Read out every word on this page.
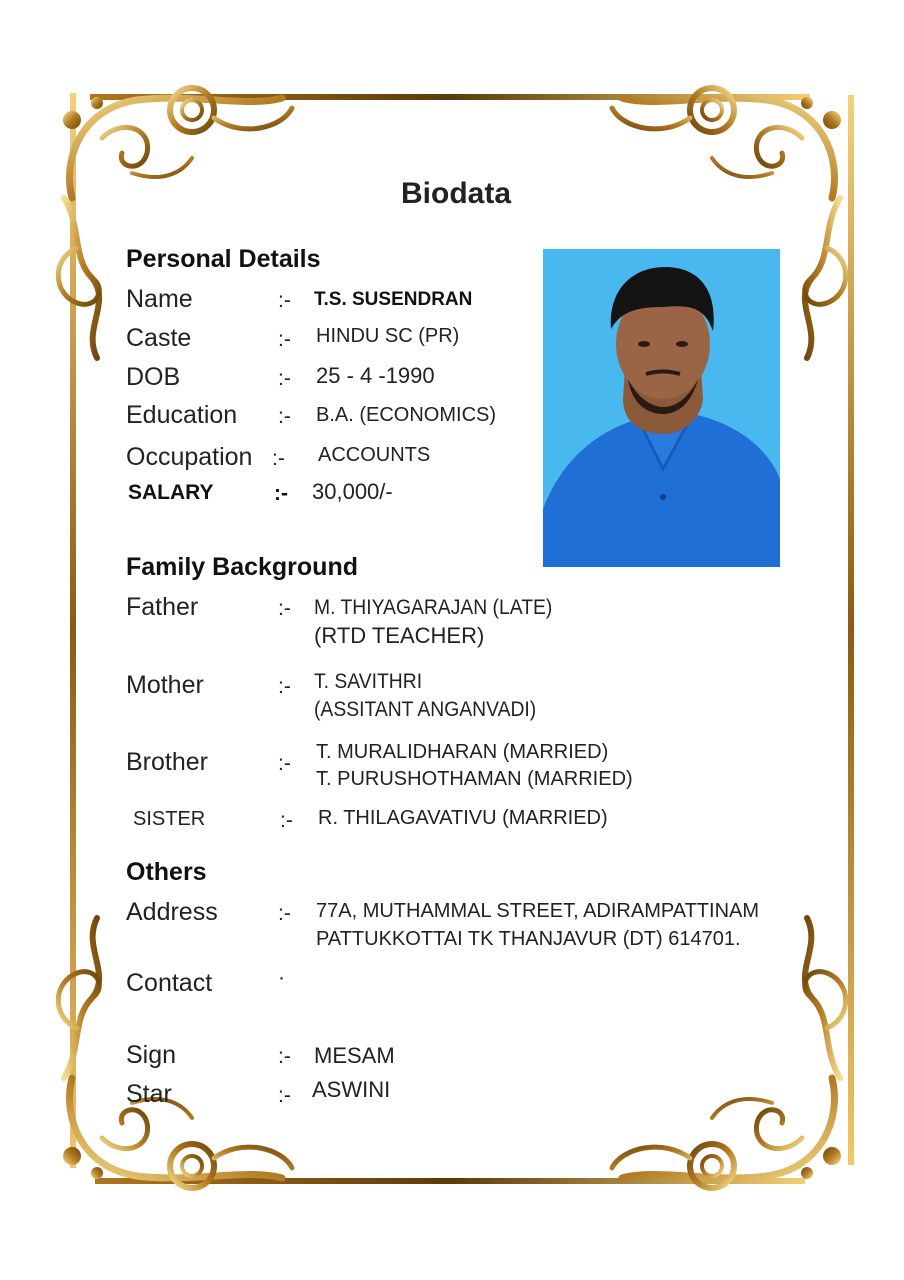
Biodata
Personal Details
Name	:- T.S. SUSENDRAN
Caste	:- HINDU SC (PR)
DOB	:- 25 - 4 -1990
Education :- B.A. (ECONOMICS)
Occupation :- ACCOUNTS
SALARY	:- 30,000/-
Family Background
Father	:- M. THIYAGARAJAN (LATE)
(RTD TEACHER)
Mother	:- T. SAVITHRI
(ASSITANT ANGANVADI)
Brother	:- T. MURALIDHARAN (MARRIED)
T. PURUSHOTHAMAN (MARRIED)
SISTER	:- R. THILAGAVATIVU (MARRIED)
Others
Address	:- 77A, MUTHAMMAL STREET, ADIRAMPATTINAM
PATTUKKOTTAI TK THANJAVUR (DT) 614701.
Contact	·
Sign	:- MESAM
Star	:- ASWINI
